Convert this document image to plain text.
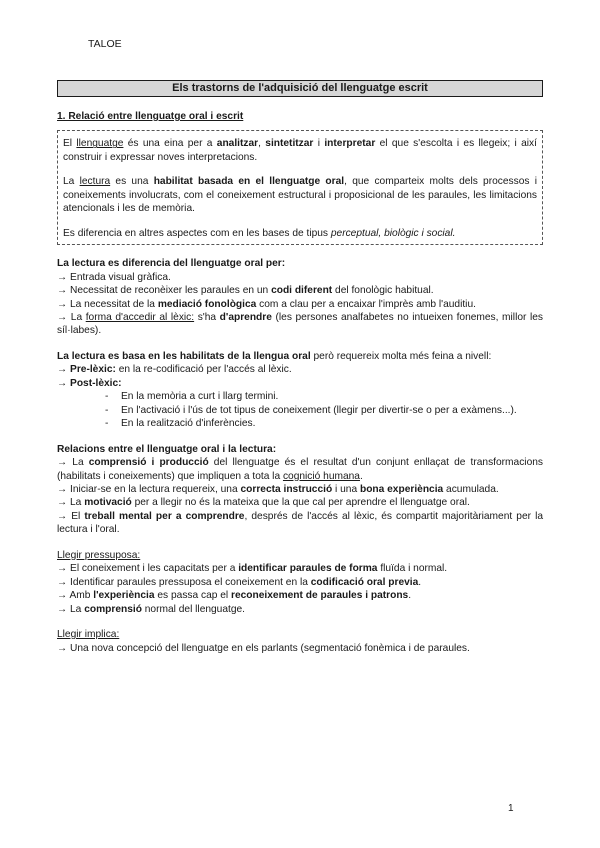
TALOE
Els trastorns de l'adquisició del llenguatge escrit
1. Relació entre llenguatge oral i escrit

El llenguatge és una eina per a analitzar, sintetitzar i interpretar el que s'escolta i es llegeix; i així construir i expressar noves interpretacions.

La lectura es una habilitat basada en el llenguatge oral, que comparteix molts dels processos i coneixements involucrats, com el coneixement estructural i proposicional de les paraules, les limitacions atencionals i les de memòria.

Es diferencia en altres aspectes com en les bases de tipus perceptual, biològic i social.

La lectura es diferencia del llenguatge oral per:
→ Entrada visual gràfica.
→ Necessitat de reconèixer les paraules en un codi diferent del fonològic habitual.
→ La necessitat de la mediació fonològica com a clau per a encaixar l'imprès amb l'auditiu.
→ La forma d'accedir al lèxic: s'ha d'aprendre (les persones analfabetes no intueixen fonemes, millor les síl·labes).
La lectura es basa en les habilitats de la llengua oral però requereix molta més feina a nivell:
→ Pre-lèxic: en la re-codificació per l'accés al lèxic.
→ Post-lèxic:
- En la memòria a curt i llarg termini.
- En l'activació i l'ús de tot tipus de coneixement (llegir per divertir-se o per a exàmens...).
- En la realització d'inferències.
Relacions entre el llenguatge oral i la lectura:
→ La comprensió i producció del llenguatge és el resultat d'un conjunt enllaçat de transformacions (habilitats i coneixements) que impliquen a tota la cognició humana.
→ Iniciar-se en la lectura requereix, una correcta instrucció i una bona experiència acumulada.
→ La motivació per a llegir no és la mateixa que la que cal per aprendre el llenguatge oral.
→ El treball mental per a comprendre, després de l'accés al lèxic, és compartit majoritàriament per la lectura i l'oral.
Llegir pressuposa:
→ El coneixement i les capacitats per a identificar paraules de forma fluïda i normal.
→ Identificar paraules pressuposa el coneixement en la codificació oral previa.
→ Amb l'experiència es passa cap el reconeixement de paraules i patrons.
→ La comprensió normal del llenguatge.
Llegir implica:
→ Una nova concepció del llenguatge en els parlants (segmentació fonèmica i de paraules.
1
